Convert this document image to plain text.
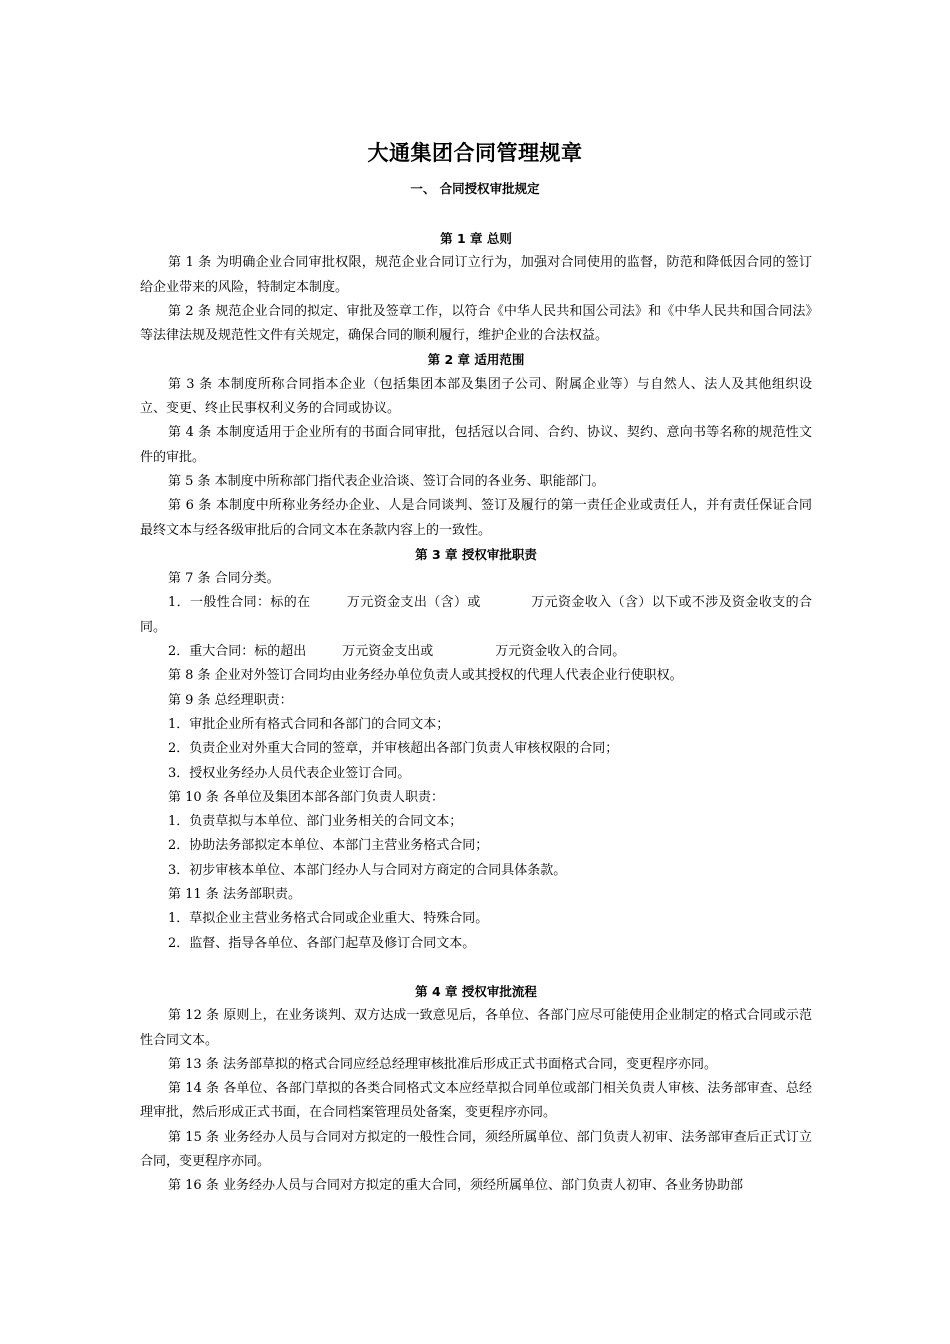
大通集团合同管理规章
一、 合同授权审批规定

第 1 章 总则

第 1 条 为明确企业合同审批权限，规范企业合同订立行为，加强对合同使用的监督，防范和降低因合同的签订给企业带来的风险，特制定本制度。

第 2 条 规范企业合同的拟定、审批及签章工作，以符合《中华人民共和国公司法》和《中华人民共和国合同法》等法律法规及规范性文件有关规定，确保合同的顺利履行，维护企业的合法权益。

第 2 章 适用范围

第 3 条 本制度所称合同指本企业（包括集团本部及集团子公司、附属企业等）与自然人、法人及其他组织设立、变更、终止民事权利义务的合同或协议。

第 4 条 本制度适用于企业所有的书面合同审批，包括冠以合同、合约、协议、契约、意向书等名称的规范性文件的审批。

第 5 条 本制度中所称部门指代表企业洽谈、签订合同的各业务、职能部门。

第 6 条 本制度中所称业务经办企业、人是合同谈判、签订及履行的第一责任企业或责任人，并有责任保证合同最终文本与经各级审批后的合同文本在条款内容上的一致性。

第 3 章 授权审批职责

第 7 条 合同分类。

1．一般性合同：标的在	万元资金支出（含）或	万元资金收入（含）以下或不涉及资金收支的合同。

2．重大合同：标的超出	万元资金支出或	万元资金收入的合同。

第 8 条 企业对外签订合同均由业务经办单位负责人或其授权的代理人代表企业行使职权。

第 9 条 总经理职责：

1．审批企业所有格式合同和各部门的合同文本；

2．负责企业对外重大合同的签章，并审核超出各部门负责人审核权限的合同；

3．授权业务经办人员代表企业签订合同。

第 10 条 各单位及集团本部各部门负责人职责：

1．负责草拟与本单位、部门业务相关的合同文本；

2．协助法务部拟定本单位、本部门主营业务格式合同；

3．初步审核本单位、本部门经办人与合同对方商定的合同具体条款。

第 11 条 法务部职责。

1．草拟企业主营业务格式合同或企业重大、特殊合同。

2．监督、指导各单位、各部门起草及修订合同文本。

第 4 章 授权审批流程

第 12 条 原则上，在业务谈判、双方达成一致意见后，各单位、各部门应尽可能使用企业制定的格式合同或示范性合同文本。

第 13 条 法务部草拟的格式合同应经总经理审核批准后形成正式书面格式合同，变更程序亦同。

第 14 条 各单位、各部门草拟的各类合同格式文本应经草拟合同单位或部门相关负责人审核、法务部审查、总经理审批，然后形成正式书面，在合同档案管理员处备案，变更程序亦同。

第 15 条 业务经办人员与合同对方拟定的一般性合同，须经所属单位、部门负责人初审、法务部审查后正式订立合同，变更程序亦同。

第 16 条 业务经办人员与合同对方拟定的重大合同，须经所属单位、部门负责人初审、各业务协助部
